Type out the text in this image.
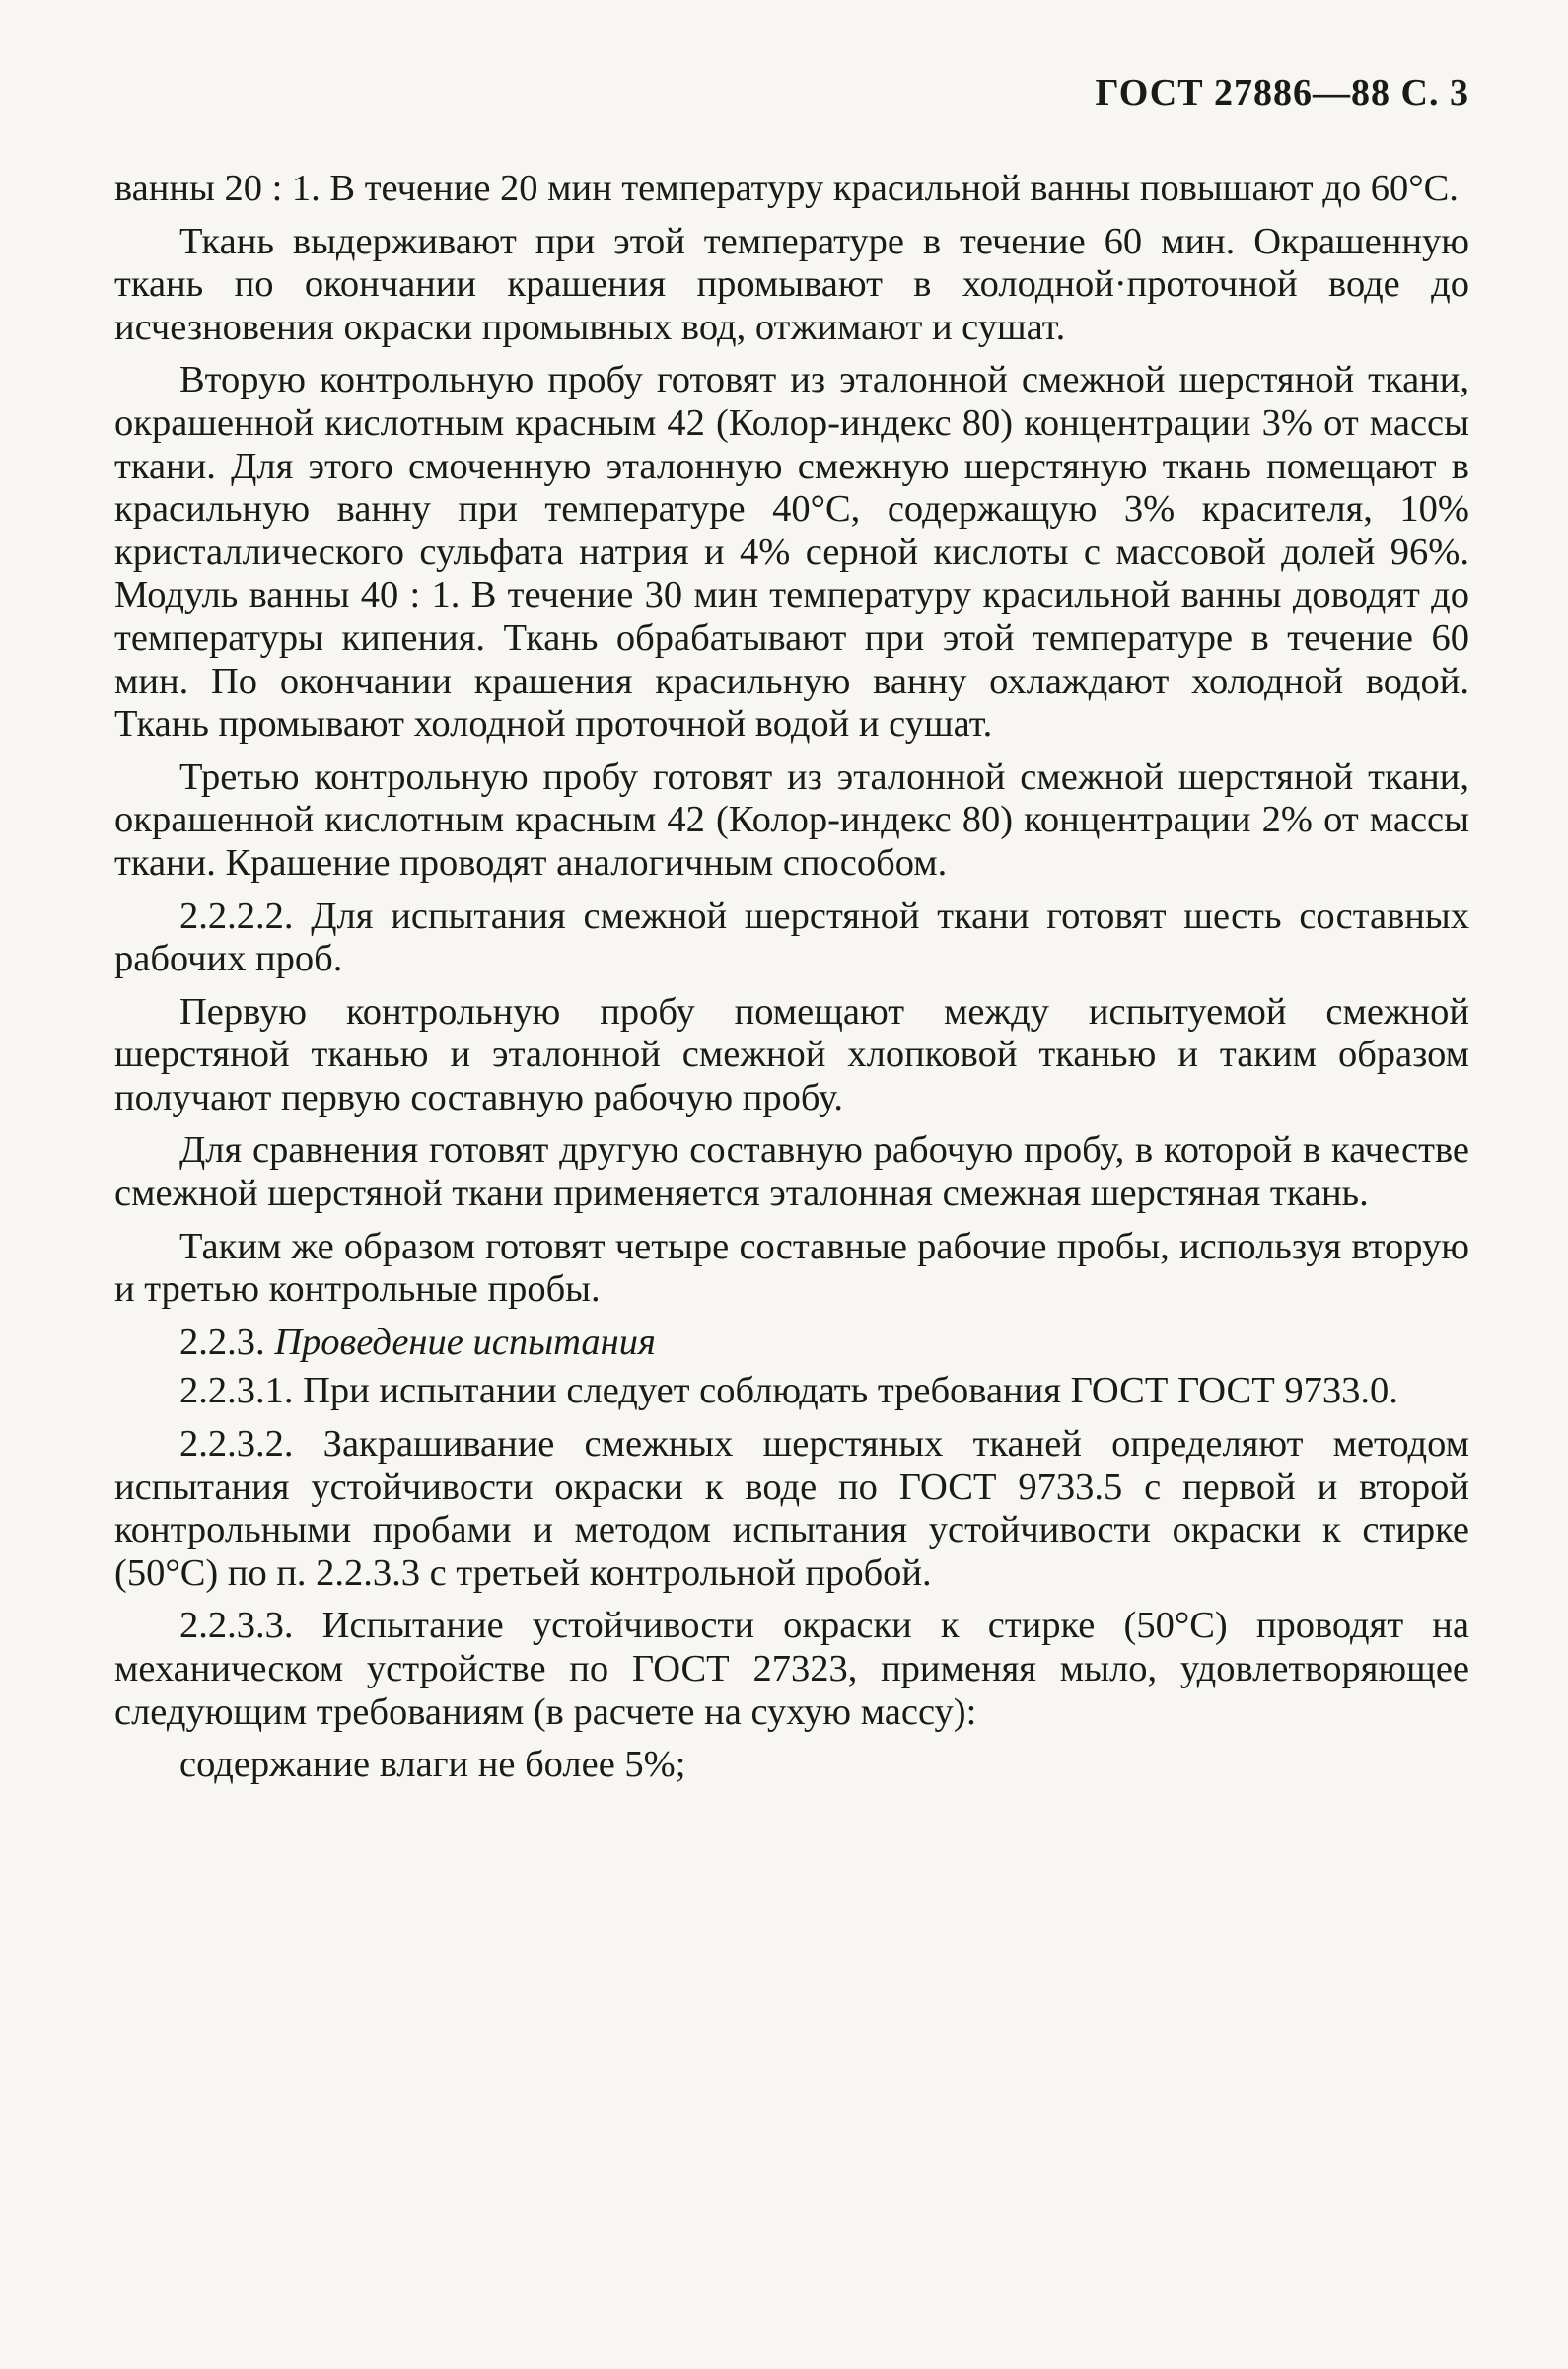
ГОСТ 27886—88 С. 3

ванны 20 : 1. В течение 20 мин температуру красильной ванны повышают до 60°С.

Ткань выдерживают при этой температуре в течение 60 мин. Окрашенную ткань по окончании крашения промывают в холодной·проточной воде до исчезновения окраски промывных вод, отжимают и сушат.

Вторую контрольную пробу готовят из эталонной смежной шерстяной ткани, окрашенной кислотным красным 42 (Колор-индекс 80) концентрации 3% от массы ткани. Для этого смоченную эталонную смежную шерстяную ткань помещают в красильную ванну при температуре 40°С, содержащую 3% красителя, 10% кристаллического сульфата натрия и 4% серной кислоты с массовой долей 96%. Модуль ванны 40 : 1. В течение 30 мин температуру красильной ванны доводят до температуры кипения. Ткань обрабатывают при этой температуре в течение 60 мин. По окончании крашения красильную ванну охлаждают холодной водой. Ткань промывают холодной проточной водой и сушат.

Третью контрольную пробу готовят из эталонной смежной шерстяной ткани, окрашенной кислотным красным 42 (Колор-индекс 80) концентрации 2% от массы ткани. Крашение проводят аналогичным способом.

2.2.2.2. Для испытания смежной шерстяной ткани готовят шесть составных рабочих проб.

Первую контрольную пробу помещают между испытуемой смежной шерстяной тканью и эталонной смежной хлопковой тканью и таким образом получают первую составную рабочую пробу.

Для сравнения готовят другую составную рабочую пробу, в которой в качестве смежной шерстяной ткани применяется эталонная смежная шерстяная ткань.

Таким же образом готовят четыре составные рабочие пробы, используя вторую и третью контрольные пробы.

2.2.3. Проведение испытания

2.2.3.1. При испытании следует соблюдать требования ГОСТ ГОСТ 9733.0.

2.2.3.2. Закрашивание смежных шерстяных тканей определяют методом испытания устойчивости окраски к воде по ГОСТ 9733.5 с первой и второй контрольными пробами и методом испытания устойчивости окраски к стирке (50°С) по п. 2.2.3.3 с третьей контрольной пробой.

2.2.3.3. Испытание устойчивости окраски к стирке (50°С) проводят на механическом устройстве по ГОСТ 27323, применяя мыло, удовлетворяющее следующим требованиям (в расчете на сухую массу):

содержание влаги не более 5%;
